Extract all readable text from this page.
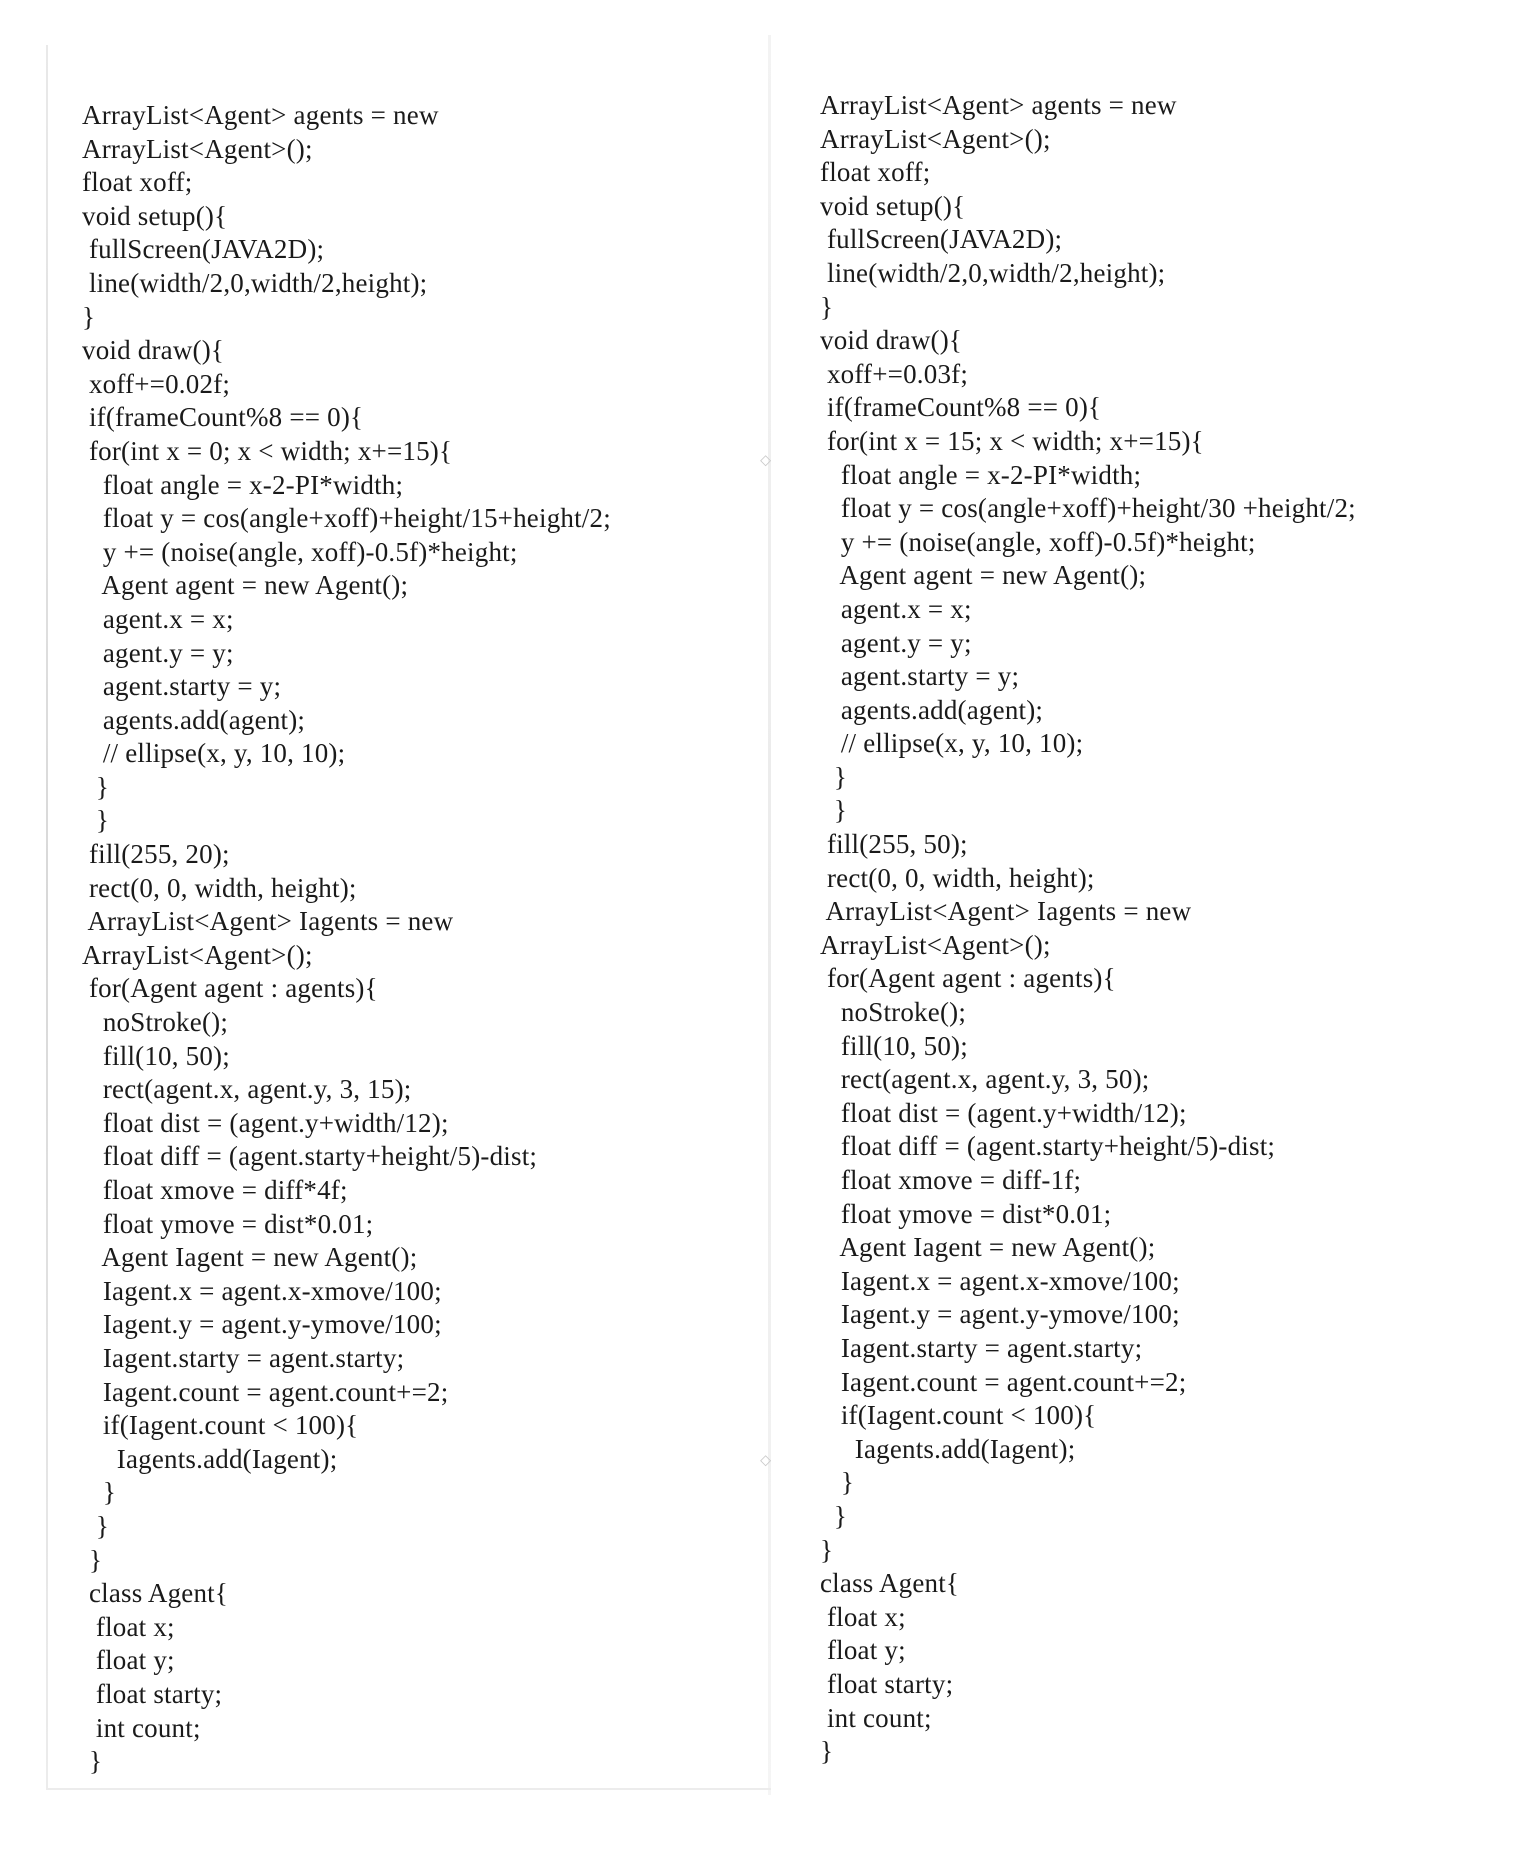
⬦
⬦
ArrayList<Agent> agents = new
ArrayList<Agent>();
float xoff;
void setup(){
fullScreen(JAVA2D);
line(width/2,0,width/2,height);
}
void draw(){
xoff+=0.02f;
if(frameCount%8 == 0){
for(int x = 0; x < width; x+=15){
float angle = x-2-PI*width;
float y = cos(angle+xoff)+height/15+height/2;
y += (noise(angle, xoff)-0.5f)*height;
Agent agent = new Agent();
agent.x = x;
agent.y = y;
agent.starty = y;
agents.add(agent);
// ellipse(x, y, 10, 10);
}
}
fill(255, 20);
rect(0, 0, width, height);
ArrayList<Agent> Iagents = new
ArrayList<Agent>();
for(Agent agent : agents){
noStroke();
fill(10, 50);
rect(agent.x, agent.y, 3, 15);
float dist = (agent.y+width/12);
float diff = (agent.starty+height/5)-dist;
float xmove = diff*4f;
float ymove = dist*0.01;
Agent Iagent = new Agent();
Iagent.x = agent.x-xmove/100;
Iagent.y = agent.y-ymove/100;
Iagent.starty = agent.starty;
Iagent.count = agent.count+=2;
if(Iagent.count < 100){
Iagents.add(Iagent);
}
}
}
class Agent{
float x;
float y;
float starty;
int count;
}
ArrayList<Agent> agents = new
ArrayList<Agent>();
float xoff;
void setup(){
fullScreen(JAVA2D);
line(width/2,0,width/2,height);
}
void draw(){
xoff+=0.03f;
if(frameCount%8 == 0){
for(int x = 15; x < width; x+=15){
float angle = x-2-PI*width;
float y = cos(angle+xoff)+height/30 +height/2;
y += (noise(angle, xoff)-0.5f)*height;
Agent agent = new Agent();
agent.x = x;
agent.y = y;
agent.starty = y;
agents.add(agent);
// ellipse(x, y, 10, 10);
}
}
fill(255, 50);
rect(0, 0, width, height);
ArrayList<Agent> Iagents = new
ArrayList<Agent>();
for(Agent agent : agents){
noStroke();
fill(10, 50);
rect(agent.x, agent.y, 3, 50);
float dist = (agent.y+width/12);
float diff = (agent.starty+height/5)-dist;
float xmove = diff-1f;
float ymove = dist*0.01;
Agent Iagent = new Agent();
Iagent.x = agent.x-xmove/100;
Iagent.y = agent.y-ymove/100;
Iagent.starty = agent.starty;
Iagent.count = agent.count+=2;
if(Iagent.count < 100){
Iagents.add(Iagent);
}
}
}
class Agent{
float x;
float y;
float starty;
int count;
}
